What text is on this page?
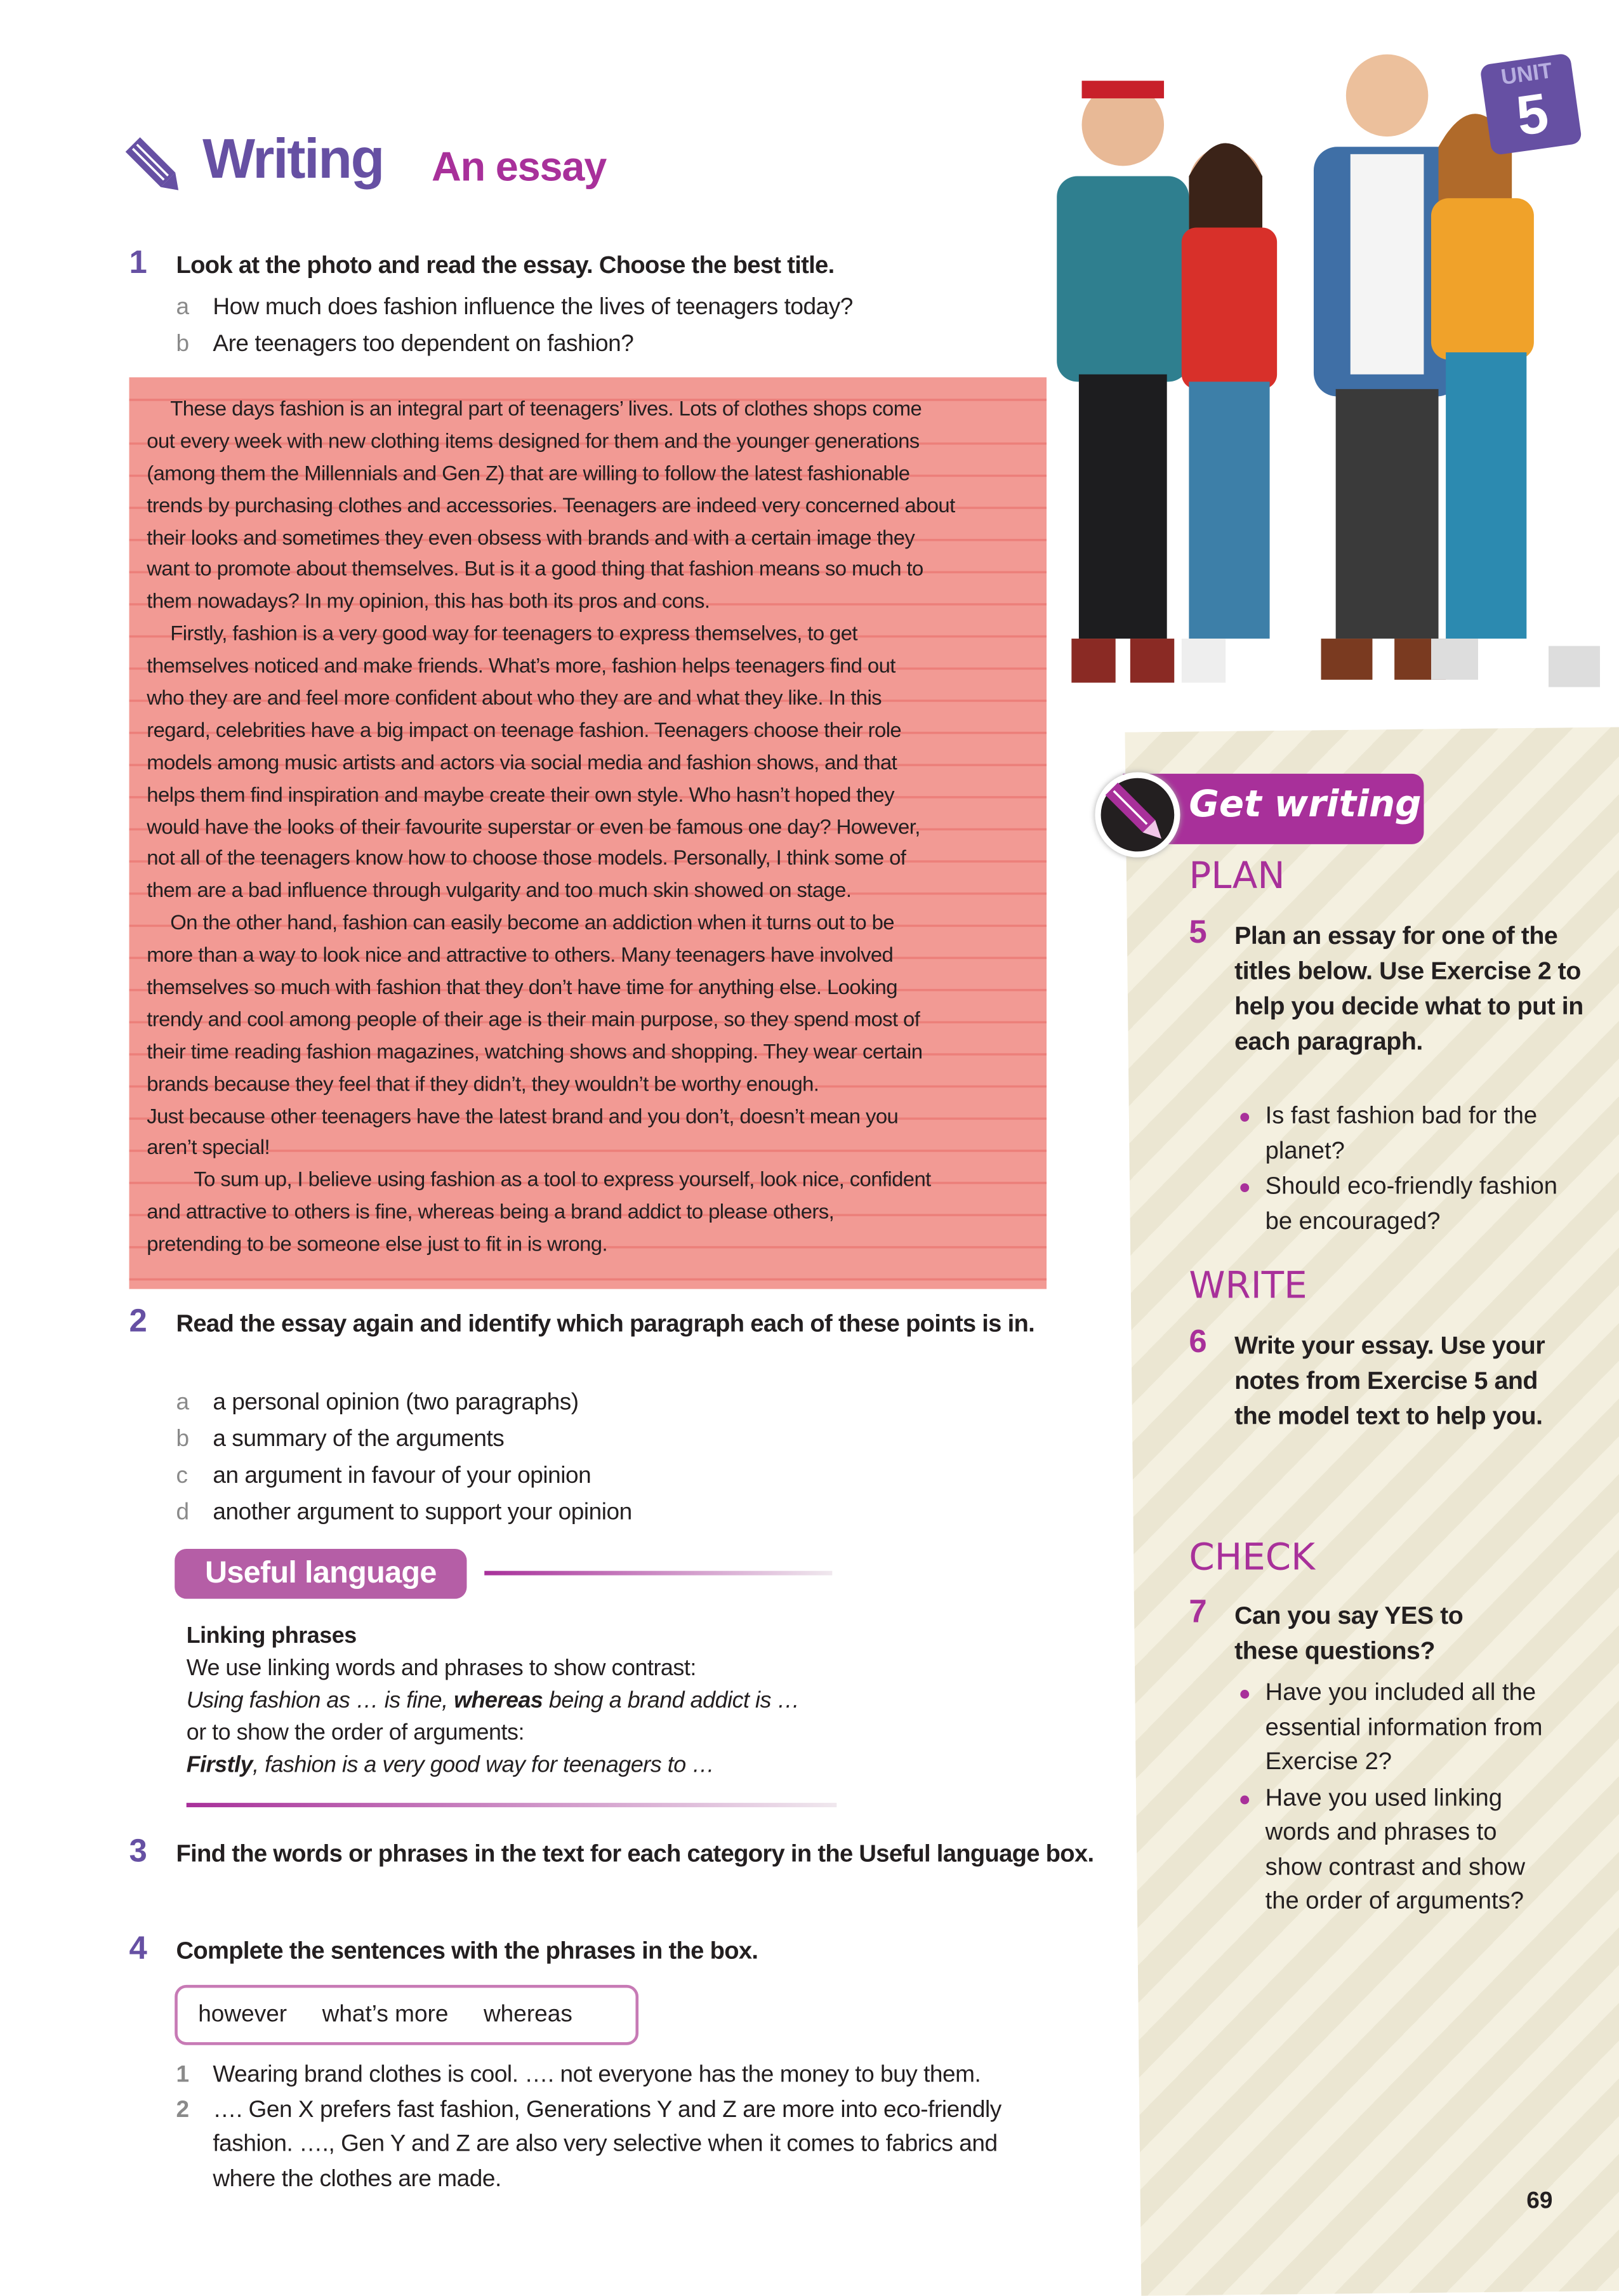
Writing	An essay
UNIT
5
1	Look at the photo and read the essay. Choose the best title.
a How much does fashion influence the lives of teenagers today?
b Are teenagers too dependent on fashion?
These days fashion is an integral part of teenagers’ lives. Lots of clothes shops come
out every week with new clothing items designed for them and the younger generations
(among them the Millennials and Gen Z) that are willing to follow the latest fashionable
trends by purchasing clothes and accessories. Teenagers are indeed very concerned about
their looks and sometimes they even obsess with brands and with a certain image they
want to promote about themselves. But is it a good thing that fashion means so much to
them nowadays? In my opinion, this has both its pros and cons.
Firstly, fashion is a very good way for teenagers to express themselves, to get
themselves noticed and make friends. What’s more, fashion helps teenagers find out
who they are and feel more confident about who they are and what they like. In this
regard, celebrities have a big impact on teenage fashion. Teenagers choose their role
models among music artists and actors via social media and fashion shows, and that
helps them find inspiration and maybe create their own style. Who hasn’t hoped they
would have the looks of their favourite superstar or even be famous one day? However,
not all of the teenagers know how to choose those models. Personally, I think some of
them are a bad influence through vulgarity and too much skin showed on stage.
On the other hand, fashion can easily become an addiction when it turns out to be
more than a way to look nice and attractive to others. Many teenagers have involved
themselves so much with fashion that they don’t have time for anything else. Looking
trendy and cool among people of their age is their main purpose, so they spend most of
their time reading fashion magazines, watching shows and shopping. They wear certain
brands because they feel that if they didn’t, they wouldn’t be worthy enough.
Just because other teenagers have the latest brand and you don’t, doesn’t mean you
aren’t special!
To sum up, I believe using fashion as a tool to express yourself, look nice, confident
and attractive to others is fine, whereas being a brand addict to please others,
pretending to be someone else just to fit in is wrong.
2	Read the essay again and identify which paragraph each of these points is in.
a a personal opinion (two paragraphs)
b a summary of the arguments
c an argument in favour of your opinion
d another argument to support your opinion
Useful language
Linking phrases
We use linking words and phrases to show contrast:
Using fashion as … is fine, whereas being a brand addict is …
or to show the order of arguments:
Firstly, fashion is a very good way for teenagers to …
3	Find the words or phrases in the text for each category in the Useful language box.
4	Complete the sentences with the phrases in the box.
however	what’s more	whereas
1 Wearing brand clothes is cool. …. not everyone has the money to buy them.
2	…. Gen X prefers fast fashion, Generations Y and Z are more into eco-friendly fashion. …., Gen Y and Z are also very selective when it comes to fabrics and where the clothes are made.
Get writing
PLAN
5	Plan an essay for one of the titles below. Use Exercise 2 to help you decide what to put in each paragraph.
Is fast fashion bad for the planet?
Should eco-friendly fashion be encouraged?
WRITE
6	Write your essay. Use your notes from Exercise 5 and the model text to help you.
CHECK
7	Can you say YES to these questions?
Have you included all the essential information from Exercise 2?
Have you used linking words and phrases to show contrast and show the order of arguments?
69
